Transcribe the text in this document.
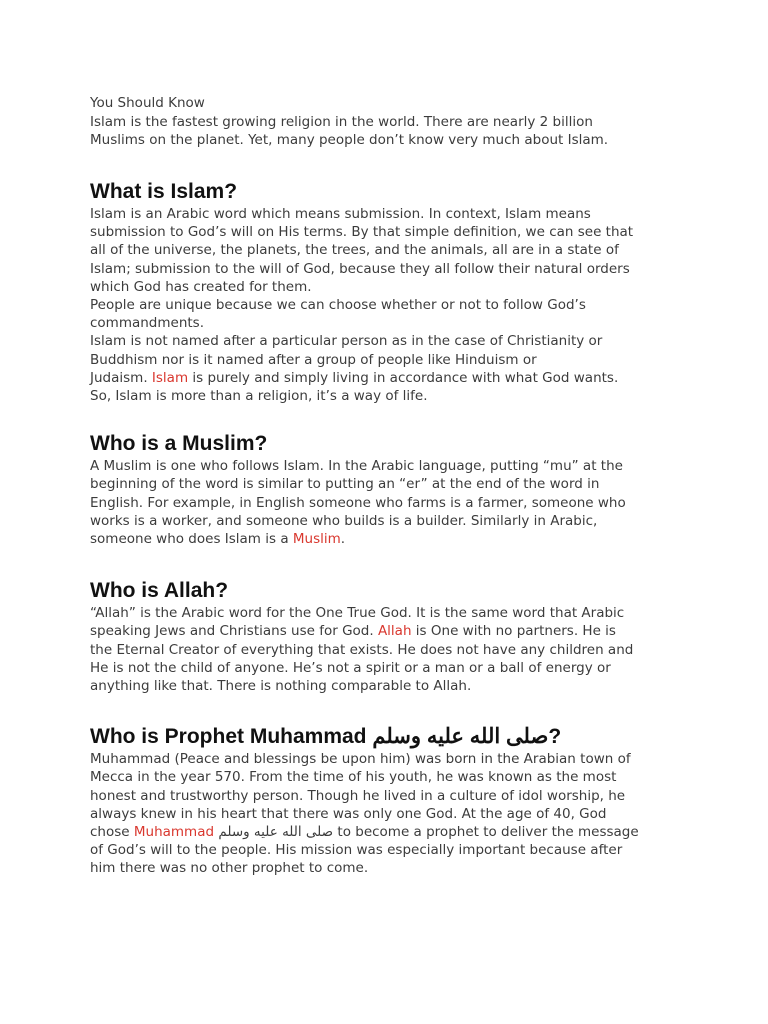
You Should Know
Islam is the fastest growing religion in the world. There are nearly 2 billion
Muslims on the planet. Yet, many people don’t know very much about Islam.
What is Islam?
Islam is an Arabic word which means submission. In context, Islam means
submission to God’s will on His terms. By that simple definition, we can see that
all of the universe, the planets, the trees, and the animals, all are in a state of
Islam; submission to the will of God, because they all follow their natural orders
which God has created for them.
People are unique because we can choose whether or not to follow God’s
commandments.
Islam is not named after a particular person as in the case of Christianity or
Buddhism nor is it named after a group of people like Hinduism or
Judaism. Islam is purely and simply living in accordance with what God wants.
So, Islam is more than a religion, it’s a way of life.
Who is a Muslim?
A Muslim is one who follows Islam. In the Arabic language, putting “mu” at the
beginning of the word is similar to putting an “er” at the end of the word in
English. For example, in English someone who farms is a farmer, someone who
works is a worker, and someone who builds is a builder. Similarly in Arabic,
someone who does Islam is a Muslim.
Who is Allah?
“Allah” is the Arabic word for the One True God. It is the same word that Arabic
speaking Jews and Christians use for God. Allah is One with no partners. He is
the Eternal Creator of everything that exists. He does not have any children and
He is not the child of anyone. He’s not a spirit or a man or a ball of energy or
anything like that. There is nothing comparable to Allah.
Who is Prophet Muhammad صلى الله عليه وسلم?
Muhammad (Peace and blessings be upon him) was born in the Arabian town of
Mecca in the year 570. From the time of his youth, he was known as the most
honest and trustworthy person. Though he lived in a culture of idol worship, he
always knew in his heart that there was only one God. At the age of 40, God
chose Muhammad	صلى الله عليه وسلم to become a prophet to deliver the message
of God’s will to the people. His mission was especially important because after
him there was no other prophet to come.
